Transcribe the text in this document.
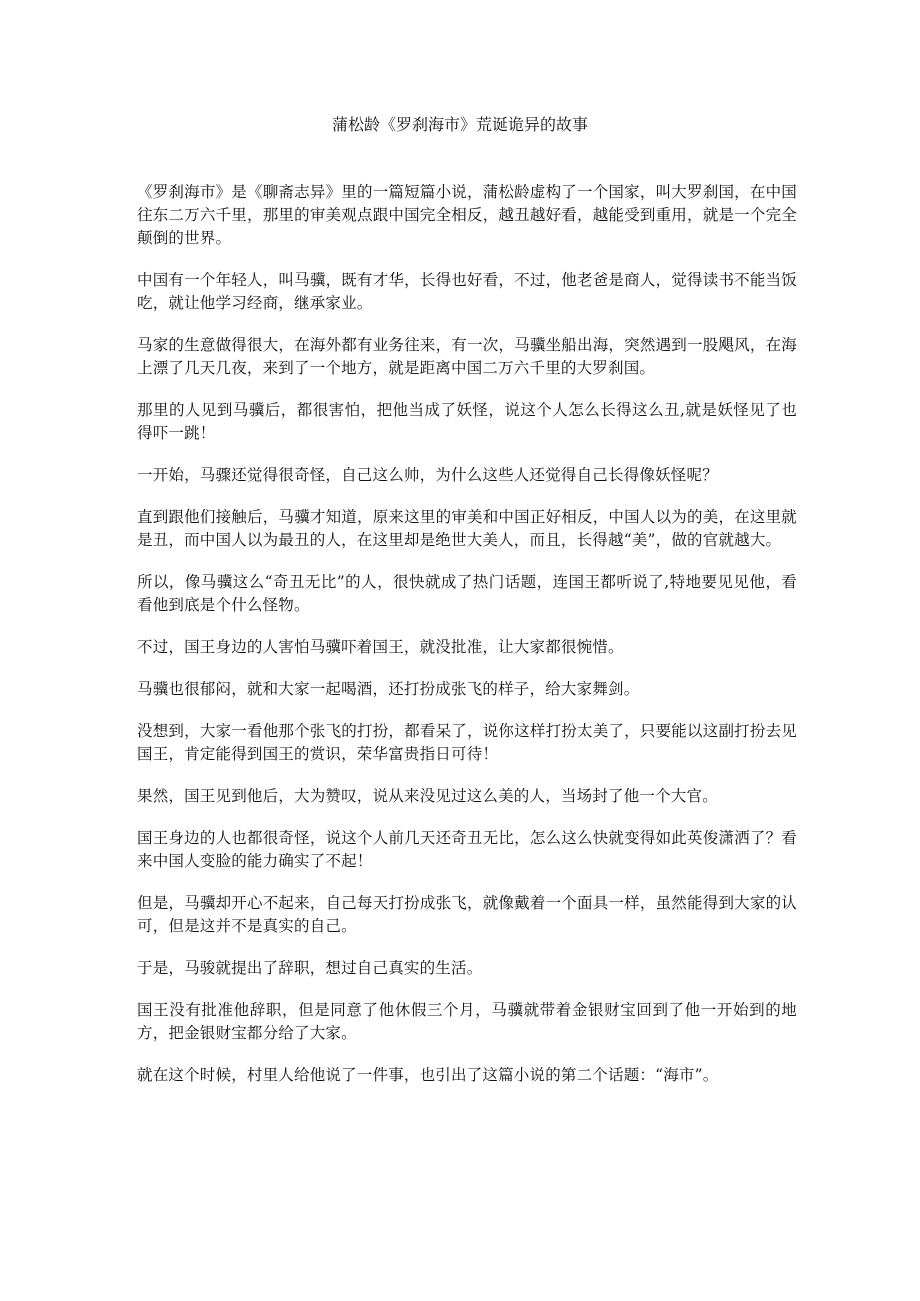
蒲松龄《罗刹海市》荒诞诡异的故事

《罗刹海市》是《聊斋志异》里的一篇短篇小说，蒲松龄虚构了一个国家，叫大罗刹国，在中国往东二万六千里，那里的审美观点跟中国完全相反，越丑越好看，越能受到重用，就是一个完全颠倒的世界。

中国有一个年轻人，叫马骥，既有才华，长得也好看，不过，他老爸是商人，觉得读书不能当饭吃，就让他学习经商，继承家业。

马家的生意做得很大，在海外都有业务往来，有一次，马骥坐船出海，突然遇到一股飓风，在海上漂了几天几夜，来到了一个地方，就是距离中国二万六千里的大罗刹国。

那里的人见到马骥后，都很害怕，把他当成了妖怪，说这个人怎么长得这么丑,就是妖怪见了也得吓一跳！

一开始，马骤还觉得很奇怪，自己这么帅，为什么这些人还觉得自己长得像妖怪呢？

直到跟他们接触后，马骥才知道，原来这里的审美和中国正好相反，中国人以为的美，在这里就是丑，而中国人以为最丑的人，在这里却是绝世大美人，而且，长得越“美”，做的官就越大。

所以，像马骥这么“奇丑无比”的人，很快就成了热门话题，连国王都听说了,特地要见见他，看看他到底是个什么怪物。

不过，国王身边的人害怕马骥吓着国王，就没批准，让大家都很惋惜。

马骥也很郁闷，就和大家一起喝酒，还打扮成张飞的样子，给大家舞剑。

没想到，大家一看他那个张飞的打扮，都看呆了，说你这样打扮太美了，只要能以这副打扮去见国王，肯定能得到国王的赏识，荣华富贵指日可待！

果然，国王见到他后，大为赞叹，说从来没见过这么美的人，当场封了他一个大官。

国王身边的人也都很奇怪，说这个人前几天还奇丑无比，怎么这么快就变得如此英俊潇洒了？看来中国人变脸的能力确实了不起！

但是，马骥却开心不起来，自己每天打扮成张飞，就像戴着一个面具一样，虽然能得到大家的认可，但是这并不是真实的自己。

于是，马骏就提出了辞职，想过自己真实的生活。

国王没有批准他辞职，但是同意了他休假三个月，马骥就带着金银财宝回到了他一开始到的地方，把金银财宝都分给了大家。

就在这个时候，村里人给他说了一件事，也引出了这篇小说的第二个话题：“海市”。
